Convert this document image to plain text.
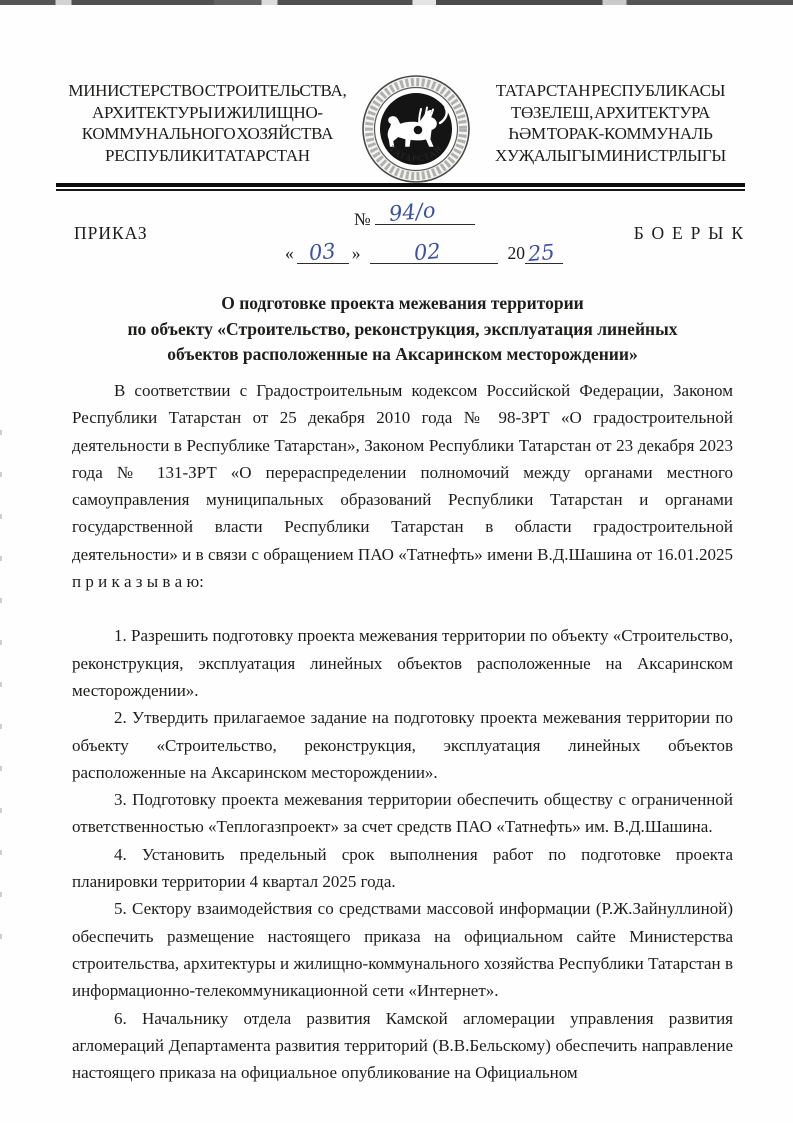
МИНИСТЕРСТВО СТРОИТЕЛЬСТВА,
АРХИТЕКТУРЫ И ЖИЛИЩНО-
КОММУНАЛЬНОГО ХОЗЯЙСТВА
РЕСПУБЛИКИ ТАТАРСТАН	ТАТАРСТАН
ТАТАРСТАН РЕСПУБЛИКАСЫ
ТӨЗЕЛЕШ, АРХИТЕКТУРА
ҺӘМ ТОРАК-КОММУНАЛЬ
ХУҖАЛЫГЫ МИНИСТРЛЫГЫ
№ 94/о
ПРИКАЗ	БОЕРЫК
« 03 » 02	20 25
О подготовке проекта межевания территории
по объекту «Строительство, реконструкция, эксплуатация линейных
объектов расположенные на Аксаринском месторождении»

В соответствии с Градостроительным кодексом Российской Федерации, Законом Республики Татарстан от 25 декабря 2010 года № 98-ЗРТ «О градостроительной деятельности в Республике Татарстан», Законом Республики Татарстан от 23 декабря 2023 года № 131-ЗРТ «О перераспределении полномочий между органами местного самоуправления муниципальных образований Республики Татарстан и органами государственной власти Республики Татарстан в области градостроительной деятельности» и в связи с обращением ПАО «Татнефть» имени В.Д.Шашина от 16.01.2025 п р и к а з ы в а ю:

1. Разрешить подготовку проекта межевания территории по объекту «Строительство, реконструкция, эксплуатация линейных объектов расположенные на Аксаринском месторождении».

2. Утвердить прилагаемое задание на подготовку проекта межевания территории по объекту «Строительство, реконструкция, эксплуатация линейных объектов расположенные на Аксаринском месторождении».

3. Подготовку проекта межевания территории обеспечить обществу с ограниченной ответственностью «Теплогазпроект» за счет средств ПАО «Татнефть» им. В.Д.Шашина.

4. Установить предельный срок выполнения работ по подготовке проекта планировки территории 4 квартал 2025 года.

5. Сектору взаимодействия со средствами массовой информации (Р.Ж.Зайнуллиной) обеспечить размещение настоящего приказа на официальном сайте Министерства строительства, архитектуры и жилищно-коммунального хозяйства Республики Татарстан в информационно-телекоммуникационной сети «Интернет».

6. Начальнику отдела развития Камской агломерации управления развития агломераций Департамента развития территорий (В.В.Бельскому) обеспечить направление настоящего приказа на официальное опубликование на Официальном
